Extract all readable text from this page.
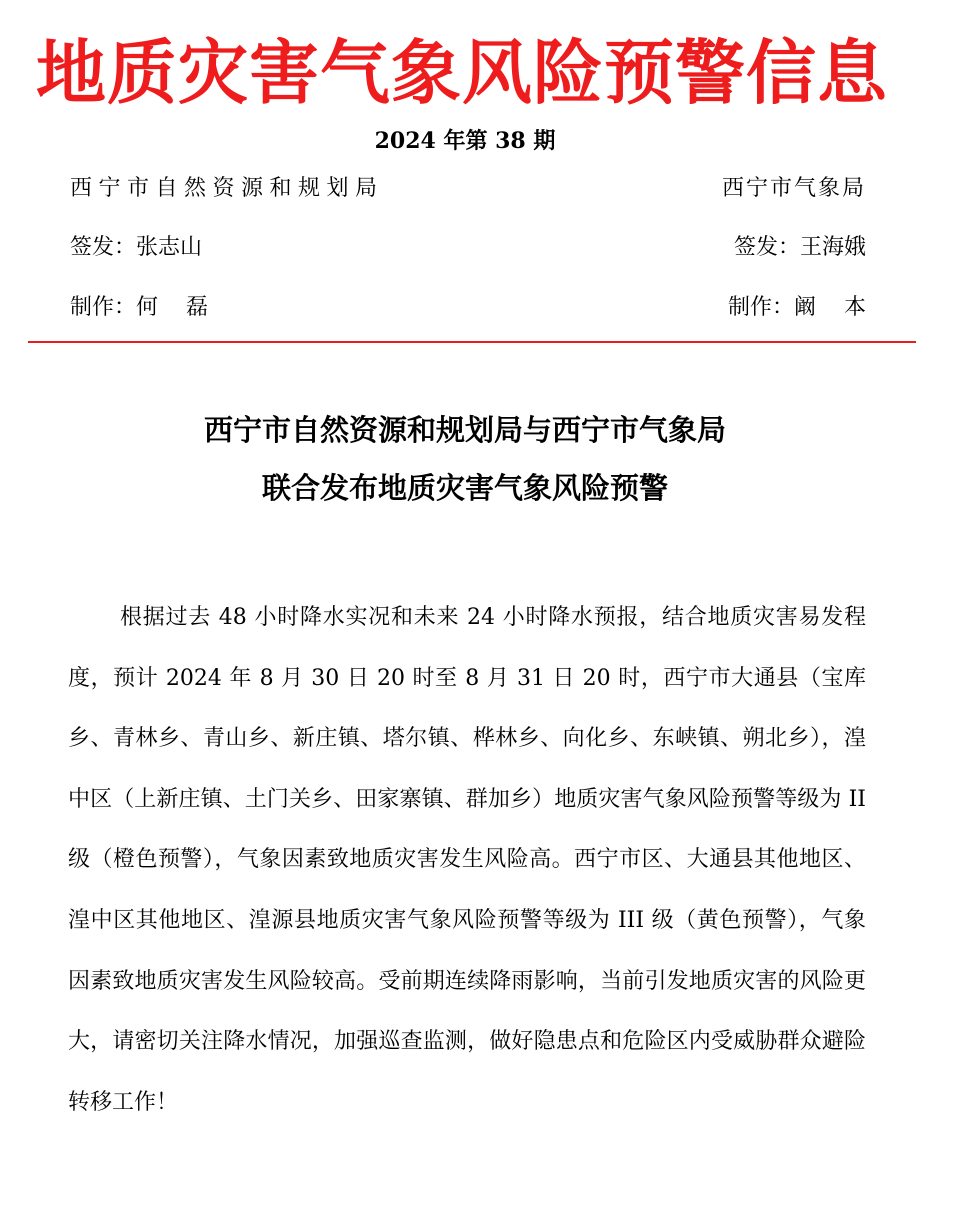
地质灾害气象风险预警信息
2024 年第 38 期
西宁市自然资源和规划局	西宁市气象局
签发：张志山	签发：王海娥
制作：何 磊	制作：阚 本
西宁市自然资源和规划局与西宁市气象局
联合发布地质灾害气象风险预警

根据过去 48 小时降水实况和未来 24 小时降水预报，结合地质灾害易发程度，预计 2024 年 8 月 30 日 20 时至 8 月 31 日 20 时，西宁市大通县（宝库乡、青林乡、青山乡、新庄镇、塔尔镇、桦林乡、向化乡、东峡镇、朔北乡），湟中区（上新庄镇、土门关乡、田家寨镇、群加乡）地质灾害气象风险预警等级为 II 级（橙色预警），气象因素致地质灾害发生风险高。西宁市区、大通县其他地区、湟中区其他地区、湟源县地质灾害气象风险预警等级为 III 级（黄色预警），气象因素致地质灾害发生风险较高。受前期连续降雨影响，当前引发地质灾害的风险更大，请密切关注降水情况，加强巡查监测，做好隐患点和危险区内受威胁群众避险转移工作！
